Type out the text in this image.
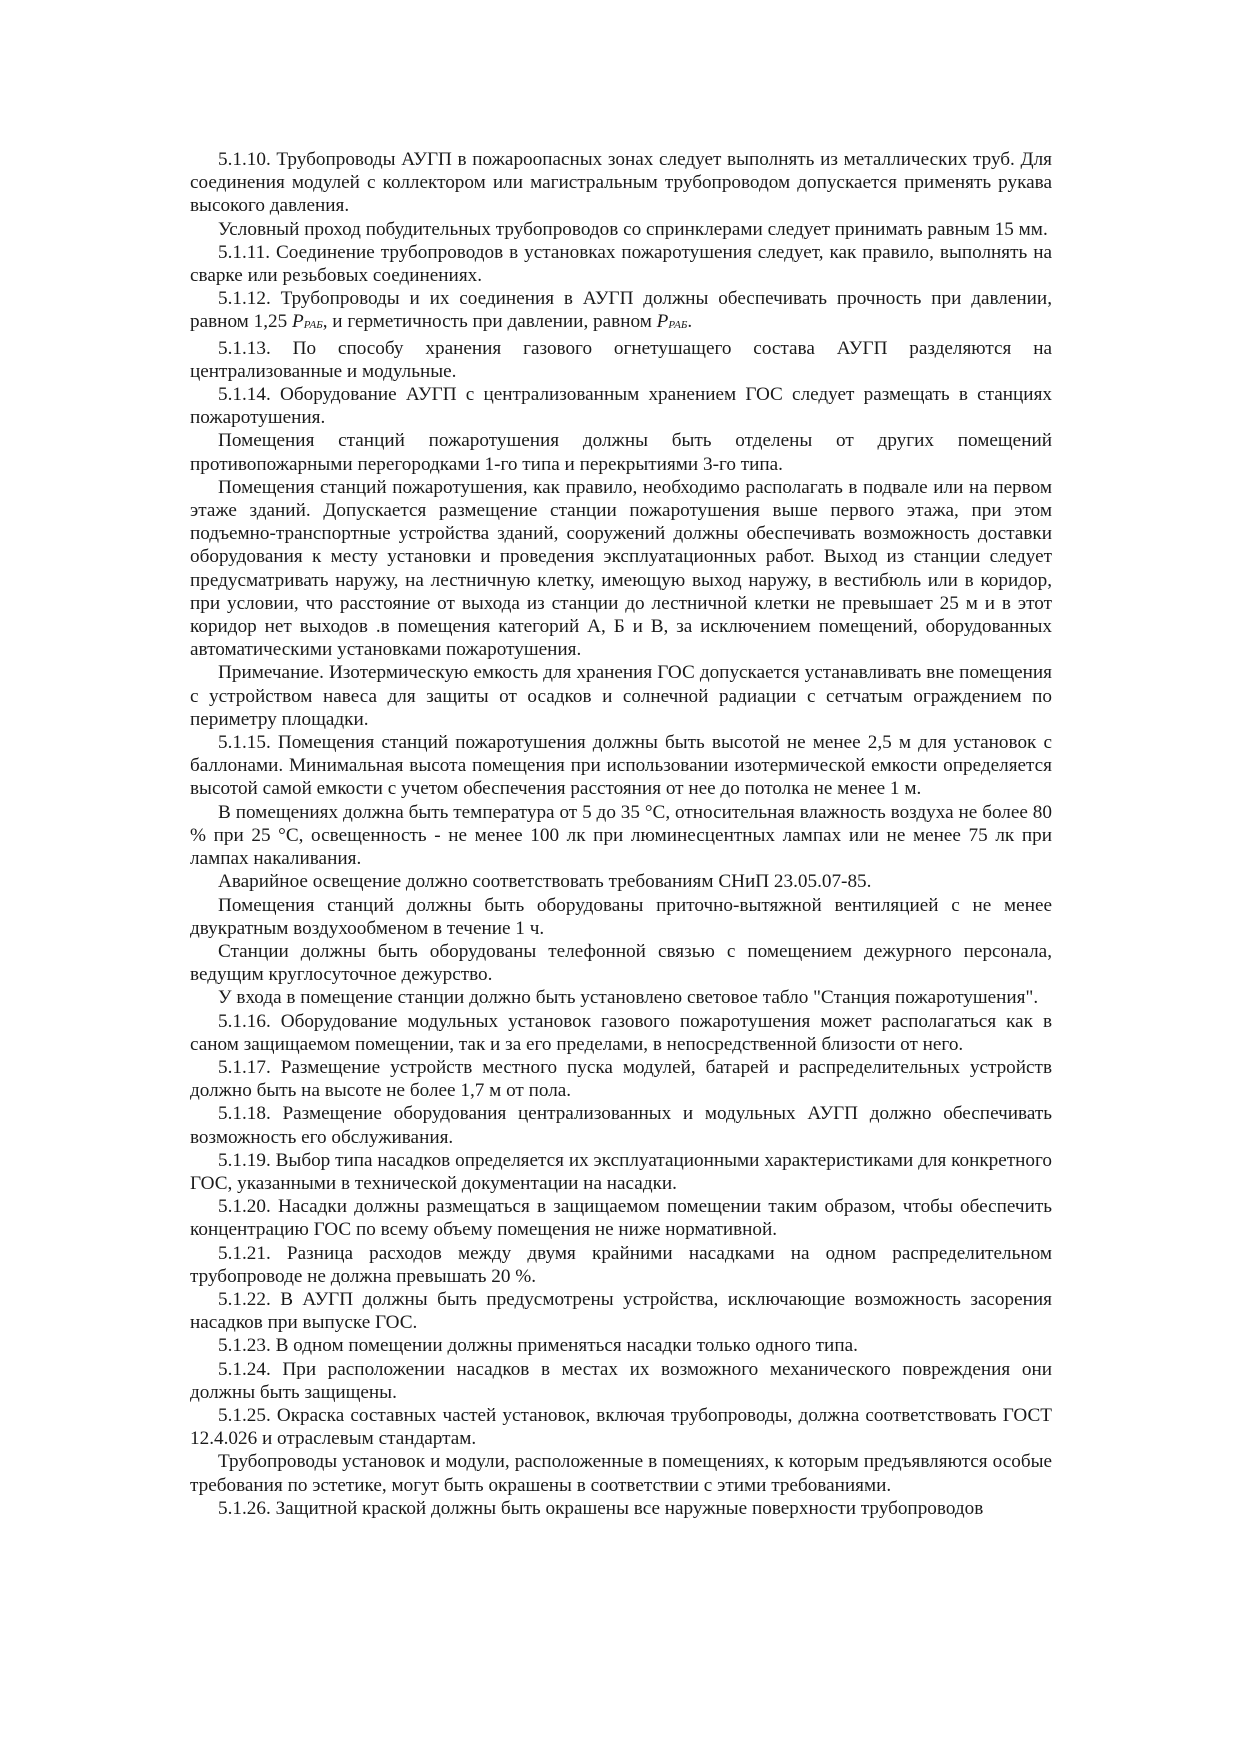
5.1.10. Трубопроводы АУГП в пожароопасных зонах следует выполнять из металлических труб. Для соединения модулей с коллектором или магистральным трубопроводом допускается применять рукава высокого давления.

Условный проход побудительных трубопроводов со спринклерами следует принимать равным 15 мм.

5.1.11. Соединение трубопроводов в установках пожаротушения следует, как правило, выполнять на сварке или резьбовых соединениях.

5.1.12. Трубопроводы и их соединения в АУГП должны обеспечивать прочность при давлении, равном 1,25 PРАБ, и герметичность при давлении, равном PРАБ.

5.1.13. По способу хранения газового огнетушащего состава АУГП разделяются на централизованные и модульные.

5.1.14. Оборудование АУГП с централизованным хранением ГОС следует размещать в станциях пожаротушения.

Помещения станций пожаротушения должны быть отделены от других помещений противопожарными перегородками 1-го типа и перекрытиями 3-го типа.

Помещения станций пожаротушения, как правило, необходимо располагать в подвале или на первом этаже зданий. Допускается размещение станции пожаротушения выше первого этажа, при этом подъемно-транспортные устройства зданий, сооружений должны обеспечивать возможность доставки оборудования к месту установки и проведения эксплуатационных работ. Выход из станции следует предусматривать наружу, на лестничную клетку, имеющую выход наружу, в вестибюль или в коридор, при условии, что расстояние от выхода из станции до лестничной клетки не превышает 25 м и в этот коридор нет выходов .в помещения категорий А, Б и В, за исключением помещений, оборудованных автоматическими установками пожаротушения.

Примечание. Изотермическую емкость для хранения ГОС допускается устанавливать вне помещения с устройством навеса для защиты от осадков и солнечной радиации с сетчатым ограждением по периметру площадки.

5.1.15. Помещения станций пожаротушения должны быть высотой не менее 2,5 м для установок с баллонами. Минимальная высота помещения при использовании изотермической емкости определяется высотой самой емкости с учетом обеспечения расстояния от нее до потолка не менее 1 м.

В помещениях должна быть температура от 5 до 35 °С, относительная влажность воздуха не более 80 % при 25 °С, освещенность - не менее 100 лк при люминесцентных лампах или не менее 75 лк при лампах накаливания.

Аварийное освещение должно соответствовать требованиям СНиП 23.05.07-85.

Помещения станций должны быть оборудованы приточно-вытяжной вентиляцией с не менее двукратным воздухообменом в течение 1 ч.

Станции должны быть оборудованы телефонной связью с помещением дежурного персонала, ведущим круглосуточное дежурство.

У входа в помещение станции должно быть установлено световое табло "Станция пожаротушения".

5.1.16. Оборудование модульных установок газового пожаротушения может располагаться как в саном защищаемом помещении, так и за его пределами, в непосредственной близости от него.

5.1.17. Размещение устройств местного пуска модулей, батарей и распределительных устройств должно быть на высоте не более 1,7 м от пола.

5.1.18. Размещение оборудования централизованных и модульных АУГП должно обеспечивать возможность его обслуживания.

5.1.19. Выбор типа насадков определяется их эксплуатационными характеристиками для конкретного ГОС, указанными в технической документации на насадки.

5.1.20. Насадки должны размещаться в защищаемом помещении таким образом, чтобы обеспечить концентрацию ГОС по всему объему помещения не ниже нормативной.

5.1.21. Разница расходов между двумя крайними насадками на одном распределительном трубопроводе не должна превышать 20 %.

5.1.22. В АУГП должны быть предусмотрены устройства, исключающие возможность засорения насадков при выпуске ГОС.

5.1.23. В одном помещении должны применяться насадки только одного типа.

5.1.24. При расположении насадков в местах их возможного механического повреждения они должны быть защищены.

5.1.25. Окраска составных частей установок, включая трубопроводы, должна соответствовать ГОСТ 12.4.026 и отраслевым стандартам.

Трубопроводы установок и модули, расположенные в помещениях, к которым предъявляются особые требования по эстетике, могут быть окрашены в соответствии с этими требованиями.

5.1.26. Защитной краской должны быть окрашены все наружные поверхности трубопроводов
